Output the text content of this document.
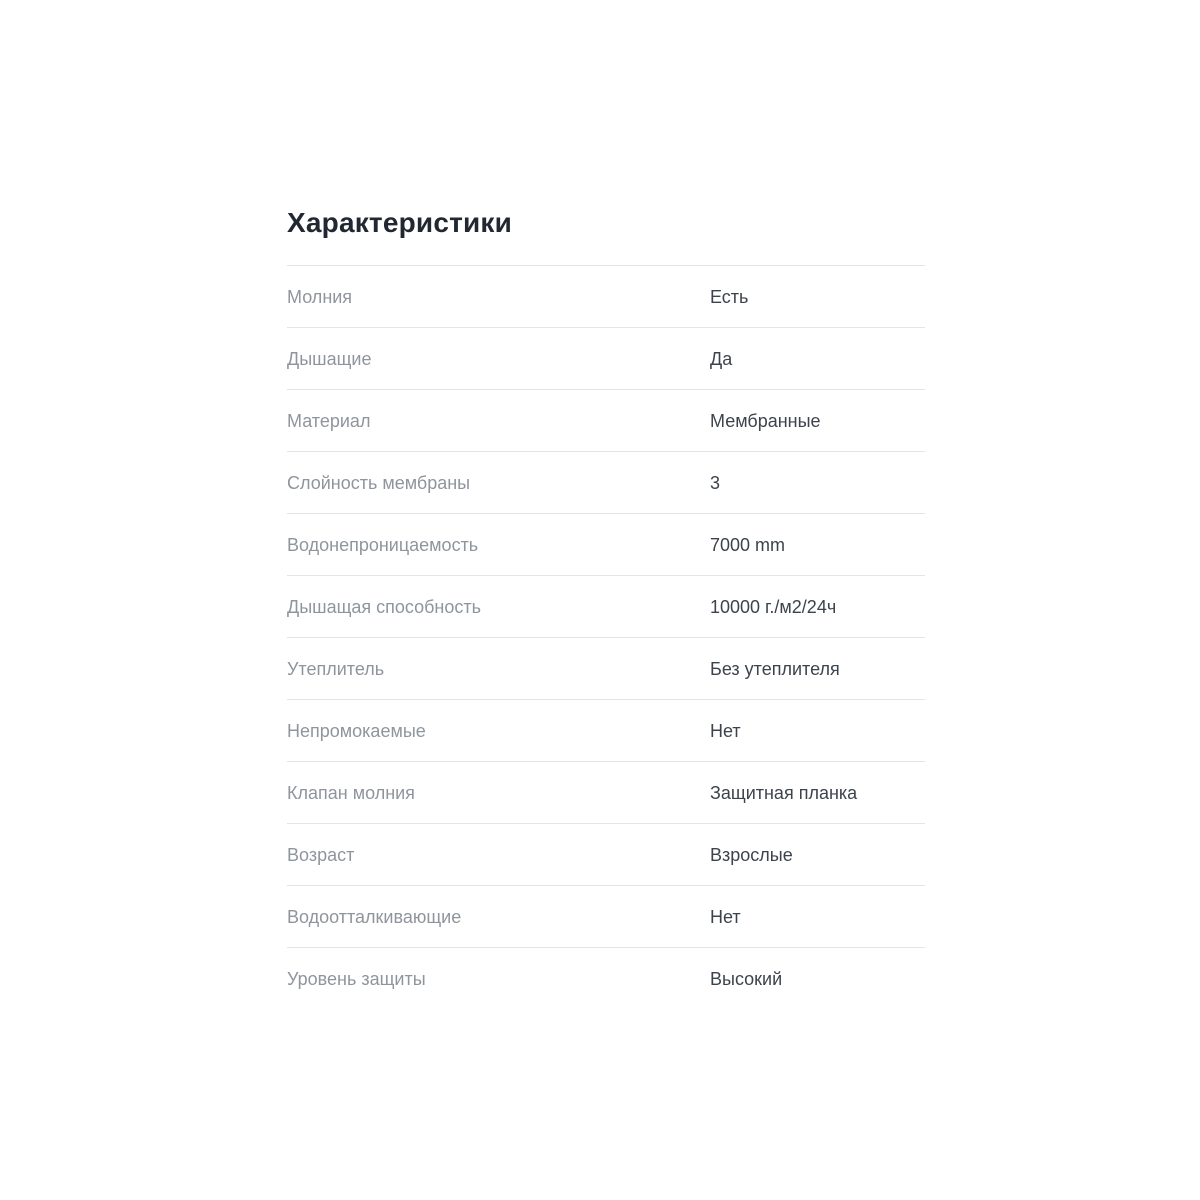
Характеристики
Молния	Есть
Дышащие	Да
Материал	Мембранные
Слойность мембраны	3
Водонепроницаемость	7000 mm
Дышащая способность	10000 г./м2/24ч
Утеплитель	Без утеплителя
Непромокаемые	Нет
Клапан молния	Защитная планка
Возраст	Взрослые
Водоотталкивающие	Нет
Уровень защиты	Высокий
